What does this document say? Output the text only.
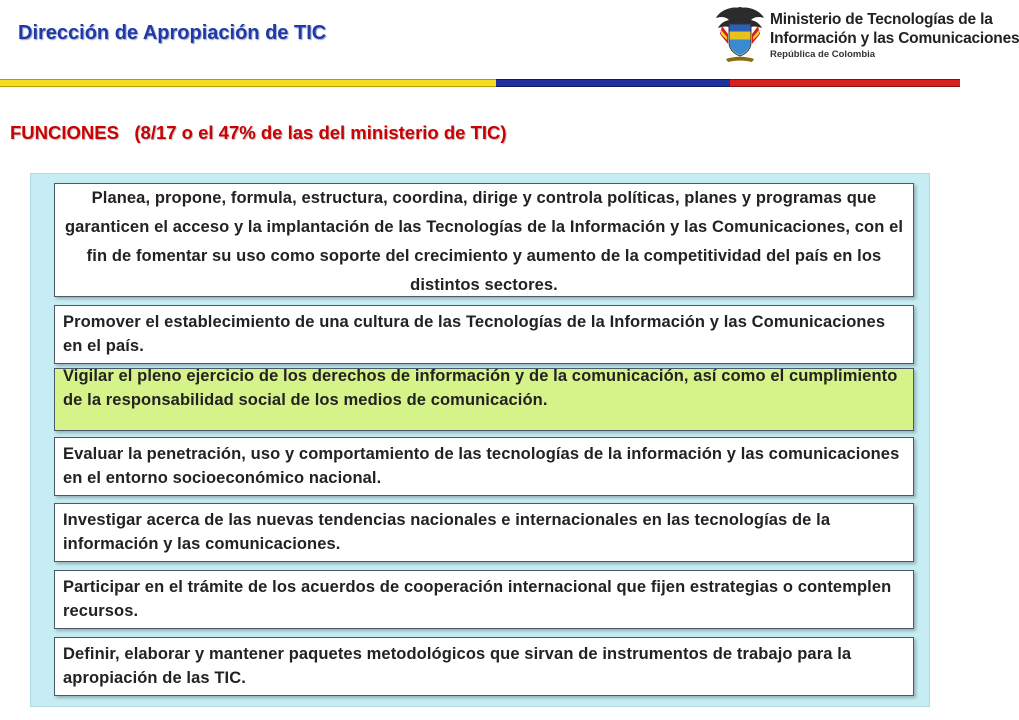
Dirección de Apropiación de TIC
Ministerio de Tecnologías de la
Información y las Comunicaciones
República de Colombia
FUNCIONES   (8/17 o el 47% de las del ministerio de TIC)
Planea, propone, formula, estructura, coordina, dirige y controla políticas, planes y programas que garanticen el acceso y la implantación de las Tecnologías de la Información y las Comunicaciones, con el fin de fomentar su uso como soporte del crecimiento y aumento de la competitividad del país en los distintos sectores.
Promover el establecimiento de una cultura de las Tecnologías de la Información y las Comunicaciones en el país.
Vigilar el pleno ejercicio de los derechos de información y de la comunicación, así como el cumplimiento de la responsabilidad social de los medios de comunicación.
Evaluar la penetración, uso y comportamiento de las tecnologías de la información y las comunicaciones en el entorno socioeconómico nacional.
Investigar acerca de las nuevas tendencias nacionales e internacionales en las tecnologías de la información y las comunicaciones.
Participar en el trámite de los acuerdos de cooperación internacional que fijen estrategias o contemplen recursos.
Definir, elaborar y mantener paquetes metodológicos que sirvan de instrumentos de trabajo para la apropiación de las TIC.
